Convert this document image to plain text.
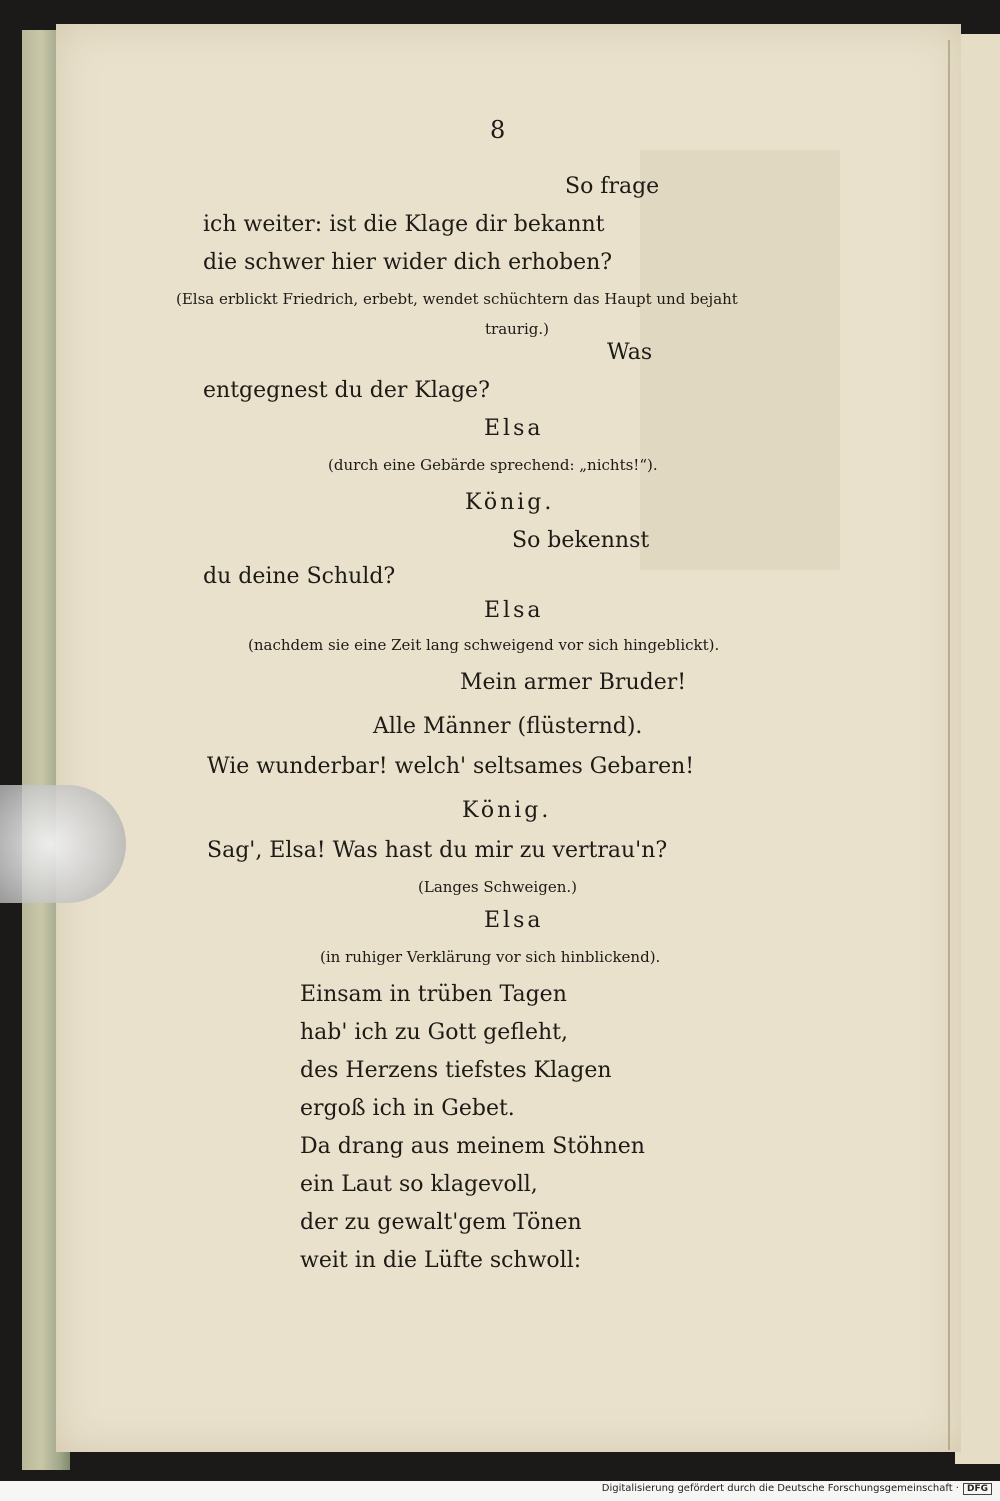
8
So frage
ich weiter: ist die Klage dir bekannt
die schwer hier wider dich erhoben?
(Elsa erblickt Friedrich, erbebt, wendet schüchtern das Haupt und bejaht
traurig.)
Was
entgegnest du der Klage?
Elsa
(durch eine Gebärde sprechend: „nichts!“).
König.
So bekennst
du deine Schuld?
Elsa
(nachdem sie eine Zeit lang schweigend vor sich hingeblickt).
Mein armer Bruder!
Alle Männer (flüsternd).
Wie wunderbar! welch' seltsames Gebaren!
König.
Sag', Elsa! Was hast du mir zu vertrau'n?
(Langes Schweigen.)
Elsa
(in ruhiger Verklärung vor sich hinblickend).
Einsam in trüben Tagen
hab' ich zu Gott gefleht,
des Herzens tiefstes Klagen
ergoß ich in Gebet.
Da drang aus meinem Stöhnen
ein Laut so klagevoll,
der zu gewalt'gem Tönen
weit in die Lüfte schwoll:
Digitalisierung gefördert durch die Deutsche Forschungsgemeinschaft · DFG
